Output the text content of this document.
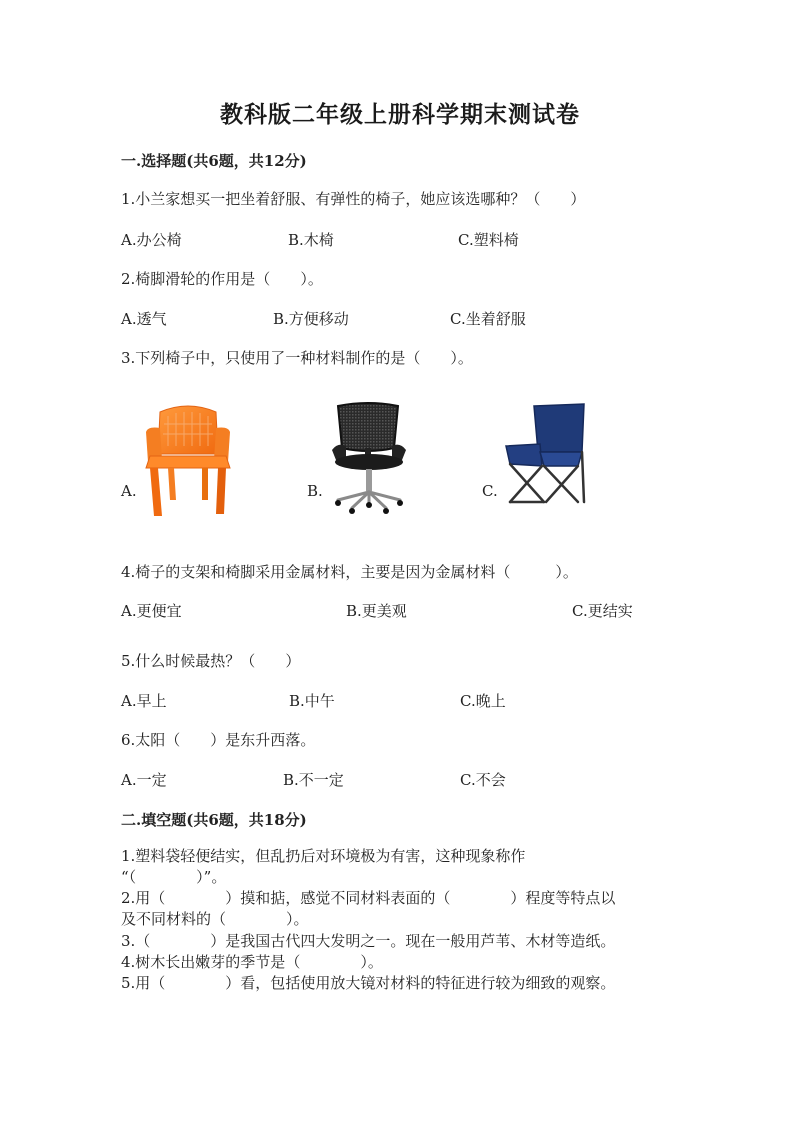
教科版二年级上册科学期末测试卷
一.选择题(共6题，共12分)
1.小兰家想买一把坐着舒服、有弹性的椅子，她应该选哪种？（　　）
A.办公椅	B.木椅	C.塑料椅
2.椅脚滑轮的作用是（　　）。
A.透气	B.方便移动	C.坐着舒服
3.下列椅子中，只使用了一种材料制作的是（　　）。
A.	B.	C.
4.椅子的支架和椅脚采用金属材料，主要是因为金属材料（　　　）。
A.更便宜	B.更美观	C.更结实
5.什么时候最热？（　　）
A.早上	B.中午	C.晚上
6.太阳（　　）是东升西落。
A.一定	B.不一定	C.不会
二.填空题(共6题，共18分)
1.塑料袋轻便结实，但乱扔后对环境极为有害，这种现象称作
“（　　　　）”。
2.用（　　　　）摸和掂，感觉不同材料表面的（　　　　）程度等特点以
及不同材料的（　　　　）。
3.（　　　　）是我国古代四大发明之一。现在一般用芦苇、木材等造纸。
4.树木长出嫩芽的季节是（　　　　）。
5.用（　　　　）看，包括使用放大镜对材料的特征进行较为细致的观察。
